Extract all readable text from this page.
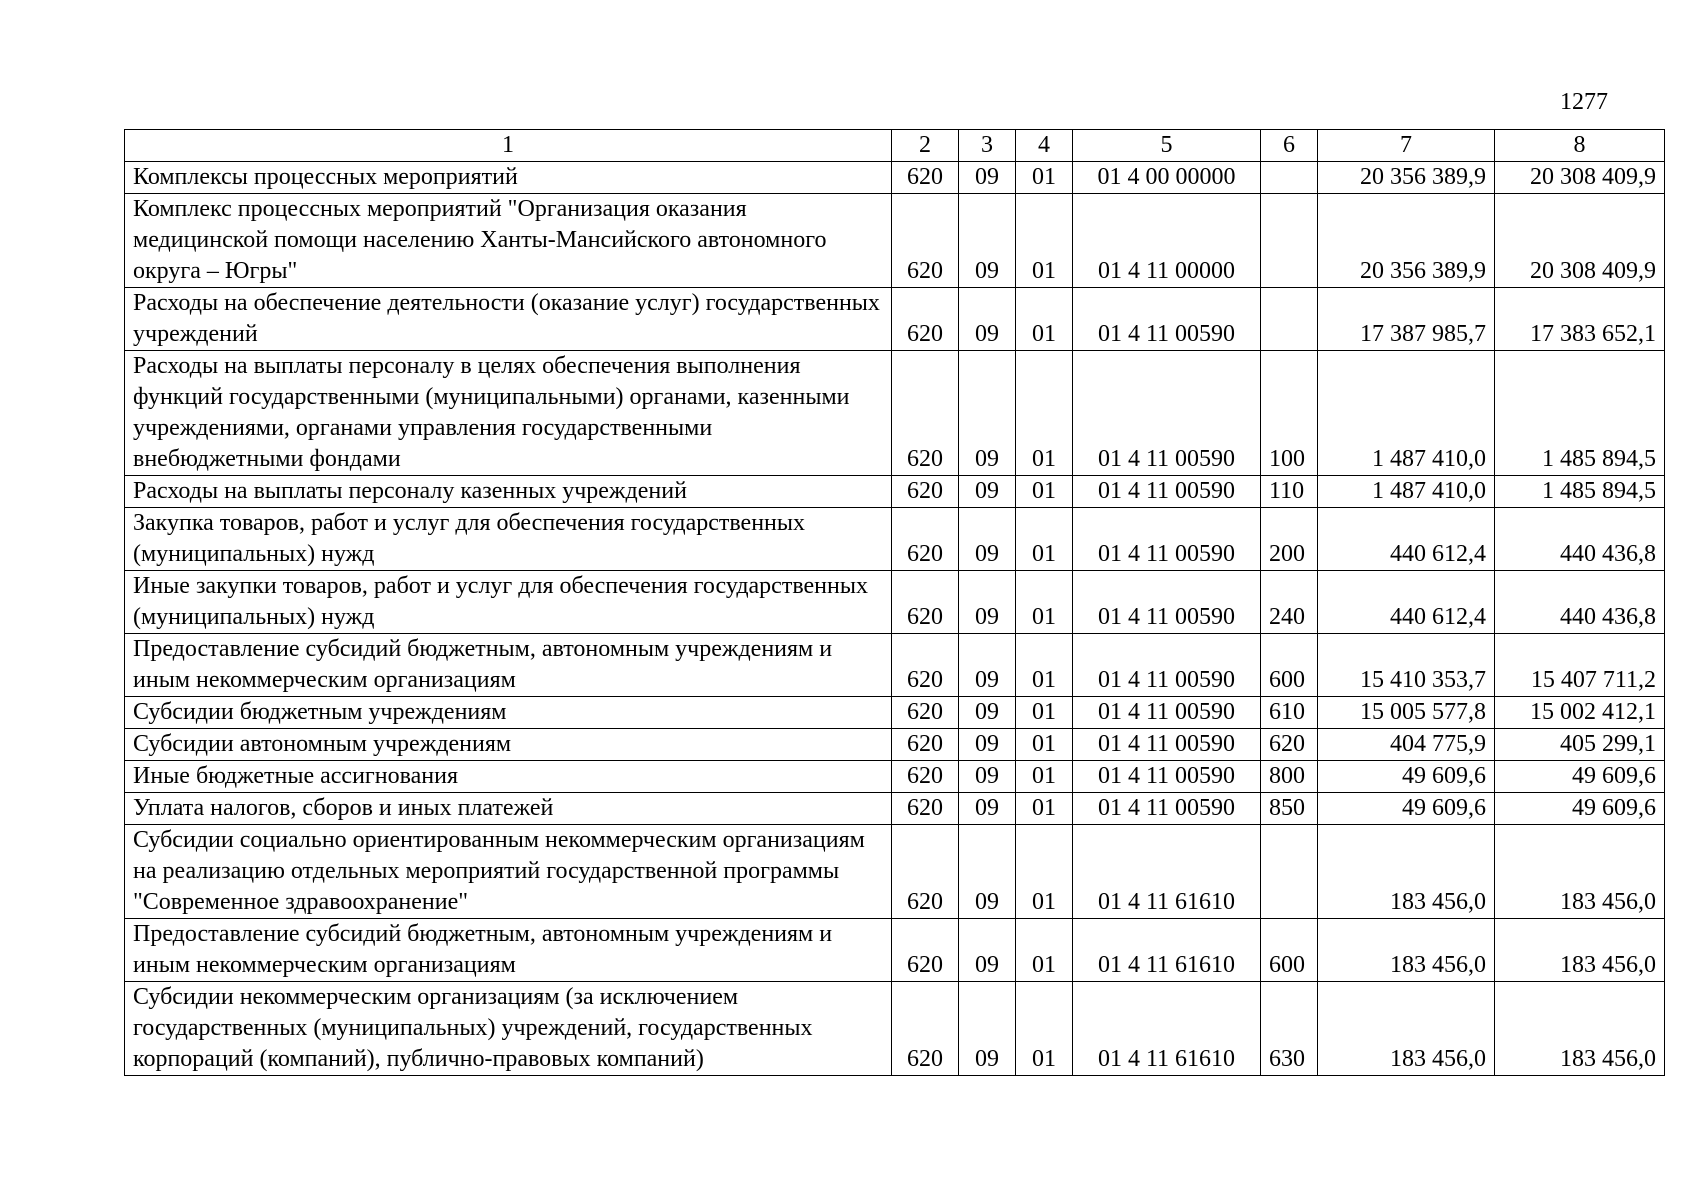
1277
1	2	3	4	5	6	7	8
Комплексы процессных мероприятий	620	09	01	01 4 00 00000		20 356 389,9	20 308 409,9
Комплекс процессных мероприятий "Организация оказания медицинской помощи населению Ханты-Мансийского автономного округа – Югры"	620	09	01	01 4 11 00000		20 356 389,9	20 308 409,9
Расходы на обеспечение деятельности (оказание услуг) государственных учреждений	620	09	01	01 4 11 00590		17 387 985,7	17 383 652,1
Расходы на выплаты персоналу в целях обеспечения выполнения функций государственными (муниципальными) органами, казенными учреждениями, органами управления государственными внебюджетными фондами	620	09	01	01 4 11 00590	100	1 487 410,0	1 485 894,5
Расходы на выплаты персоналу казенных учреждений	620	09	01	01 4 11 00590	110	1 487 410,0	1 485 894,5
Закупка товаров, работ и услуг для обеспечения государственных (муниципальных) нужд	620	09	01	01 4 11 00590	200	440 612,4	440 436,8
Иные закупки товаров, работ и услуг для обеспечения государственных (муниципальных) нужд	620	09	01	01 4 11 00590	240	440 612,4	440 436,8
Предоставление субсидий бюджетным, автономным учреждениям и иным некоммерческим организациям	620	09	01	01 4 11 00590	600	15 410 353,7	15 407 711,2
Субсидии бюджетным учреждениям	620	09	01	01 4 11 00590	610	15 005 577,8	15 002 412,1
Субсидии автономным учреждениям	620	09	01	01 4 11 00590	620	404 775,9	405 299,1
Иные бюджетные ассигнования	620	09	01	01 4 11 00590	800	49 609,6	49 609,6
Уплата налогов, сборов и иных платежей	620	09	01	01 4 11 00590	850	49 609,6	49 609,6
Субсидии социально ориентированным некоммерческим организациям на реализацию отдельных мероприятий государственной программы "Современное здравоохранение"	620	09	01	01 4 11 61610		183 456,0	183 456,0
Предоставление субсидий бюджетным, автономным учреждениям и иным некоммерческим организациям	620	09	01	01 4 11 61610	600	183 456,0	183 456,0
Субсидии некоммерческим организациям (за исключением государственных (муниципальных) учреждений, государственных корпораций (компаний), публично-правовых компаний)	620	09	01	01 4 11 61610	630	183 456,0	183 456,0
